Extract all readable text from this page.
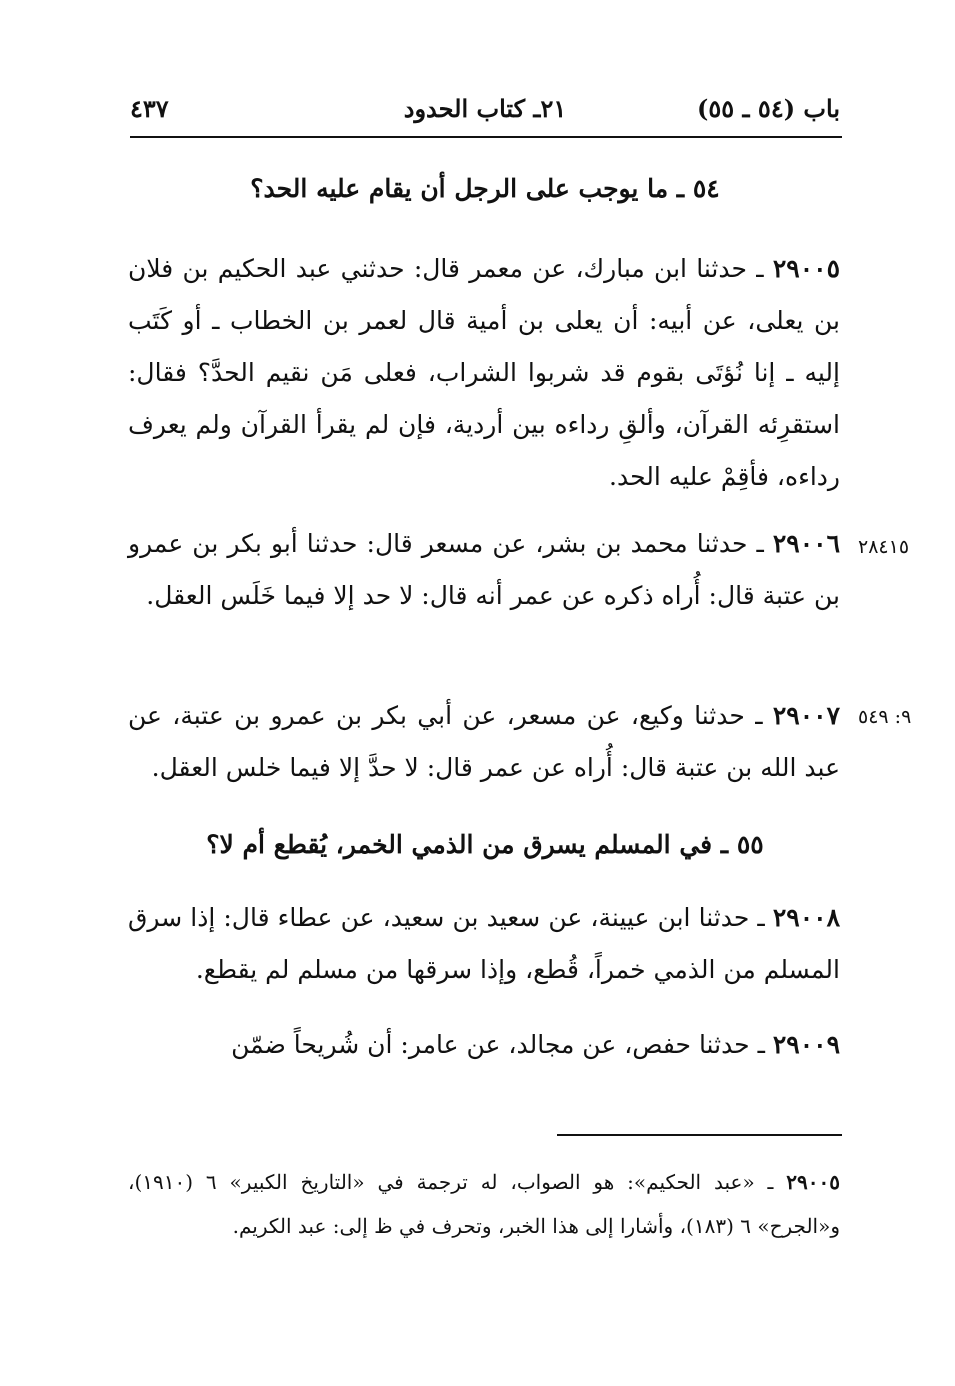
باب (٥٤ ـ ٥٥)
٢١ـ كتاب الحدود
٤٣٧
٥٤ ـ ما يوجب على الرجل أن يقام عليه الحد؟
٢٩٠٠٥ ـ حدثنا ابن مبارك، عن معمر قال: حدثني عبد الحكيم بن فلان بن يعلى، عن أبيه: أن يعلى بن أمية قال لعمر بن الخطاب ـ أو كَتَب إليه ـ إنا نُؤتَى بقوم قد شربوا الشراب، فعلى مَن نقيم الحدَّ؟ فقال: استقرِئه القرآن، وألقِ رداءه بين أردية، فإن لم يقرأ القرآن ولم يعرف رداءه، فأقِمْ عليه الحد.
٢٨٤١٥
٢٩٠٠٦ ـ حدثنا محمد بن بشر، عن مسعر قال: حدثنا أبو بكر بن عمرو بن عتبة قال: أُراه ذكره عن عمر أنه قال: لا حد إلا فيما خَلَس العقل.
٩: ٥٤٩
٢٩٠٠٧ ـ حدثنا وكيع، عن مسعر، عن أبي بكر بن عمرو بن عتبة، عن عبد الله بن عتبة قال: أُراه عن عمر قال: لا حدَّ إلا فيما خلس العقل.
٥٥ ـ في المسلم يسرق من الذمي الخمر، يُقطع أم لا؟
٢٩٠٠٨ ـ حدثنا ابن عيينة، عن سعيد بن سعيد، عن عطاء قال: إذا سرق المسلم من الذمي خمراً، قُطع، وإذا سرقها من مسلم لم يقطع.
٢٩٠٠٩ ـ حدثنا حفص، عن مجالد، عن عامر: أن شُريحاً ضمّن
٢٩٠٠٥ ـ «عبد الحكيم»: هو الصواب، له ترجمة في «التاريخ الكبير» ٦ (١٩١٠)، و«الجرح» ٦ (١٨٣)، وأشارا إلى هذا الخبر، وتحرف في ظ إلى: عبد الكريم.
